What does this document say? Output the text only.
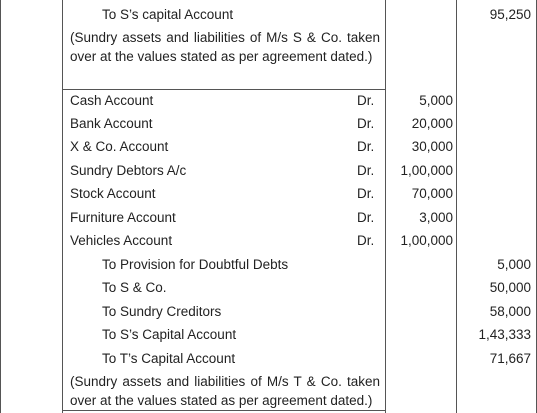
To S’s capital Account	95,250
(Sundry assets and liabilities of M/s S & Co. taken over at the values stated as per agreement dated.)
Cash Account	Dr.	5,000
Bank Account	Dr.	20,000
X & Co. Account	Dr.	30,000
Sundry Debtors A/c	Dr. 1,00,000
Stock Account	Dr.	70,000
Furniture Account	Dr.	3,000
Vehicles Account	Dr. 1,00,000
To Provision for Doubtful Debts	5,000
To S & Co.	50,000
To Sundry Creditors	58,000
To S’s Capital Account	1,43,333
To T’s Capital Account	71,667
(Sundry assets and liabilities of M/s T & Co. taken over at the values stated as per agreement dated.)
